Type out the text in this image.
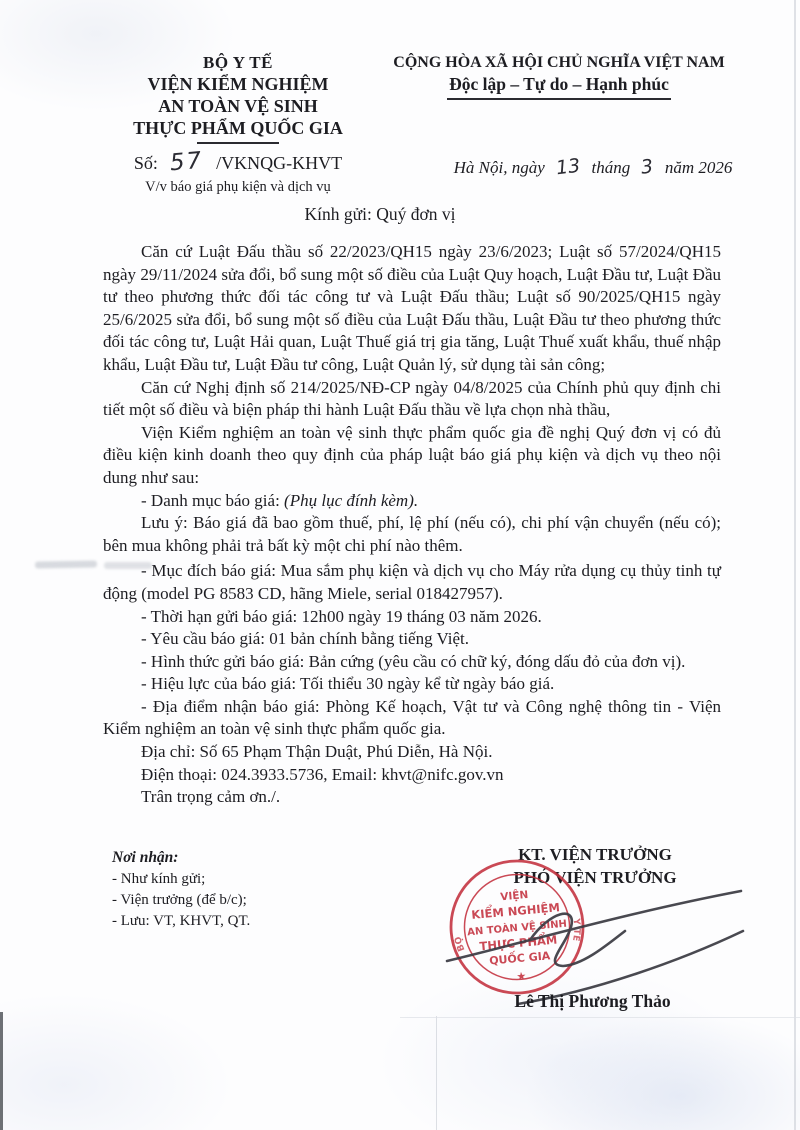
BỘ Y TẾ
VIỆN KIỂM NGHIỆM
AN TOÀN VỆ SINH
THỰC PHẨM QUỐC GIA
Số: 57 /VKNQG-KHVT
V/v báo giá phụ kiện và dịch vụ
CỘNG HÒA XÃ HỘI CHỦ NGHĨA VIỆT NAM
Độc lập – Tự do – Hạnh phúc
Hà Nội, ngày 13 tháng 3 năm 2026
Kính gửi: Quý đơn vị

Căn cứ Luật Đấu thầu số 22/2023/QH15 ngày 23/6/2023; Luật số 57/2024/QH15 ngày 29/11/2024 sửa đổi, bổ sung một số điều của Luật Quy hoạch, Luật Đầu tư, Luật Đầu tư theo phương thức đối tác công tư và Luật Đấu thầu; Luật số 90/2025/QH15 ngày 25/6/2025 sửa đổi, bổ sung một số điều của Luật Đấu thầu, Luật Đầu tư theo phương thức đối tác công tư, Luật Hải quan, Luật Thuế giá trị gia tăng, Luật Thuế xuất khẩu, thuế nhập khẩu, Luật Đầu tư, Luật Đầu tư công, Luật Quản lý, sử dụng tài sản công;

Căn cứ Nghị định số 214/2025/NĐ-CP ngày 04/8/2025 của Chính phủ quy định chi tiết một số điều và biện pháp thi hành Luật Đấu thầu về lựa chọn nhà thầu,

Viện Kiểm nghiệm an toàn vệ sinh thực phẩm quốc gia đề nghị Quý đơn vị có đủ điều kiện kinh doanh theo quy định của pháp luật báo giá phụ kiện và dịch vụ theo nội dung như sau:

- Danh mục báo giá: (Phụ lục đính kèm).

Lưu ý: Báo giá đã bao gồm thuế, phí, lệ phí (nếu có), chi phí vận chuyển (nếu có); bên mua không phải trả bất kỳ một chi phí nào thêm.

- Mục đích báo giá: Mua sắm phụ kiện và dịch vụ cho Máy rửa dụng cụ thủy tinh tự động (model PG 8583 CD, hãng Miele, serial 018427957).

- Thời hạn gửi báo giá: 12h00 ngày 19 tháng 03 năm 2026.

- Yêu cầu báo giá: 01 bản chính bằng tiếng Việt.

- Hình thức gửi báo giá: Bản cứng (yêu cầu có chữ ký, đóng dấu đỏ của đơn vị).

- Hiệu lực của báo giá: Tối thiểu 30 ngày kể từ ngày báo giá.

- Địa điểm nhận báo giá: Phòng Kế hoạch, Vật tư và Công nghệ thông tin - Viện Kiểm nghiệm an toàn vệ sinh thực phẩm quốc gia.

Địa chỉ: Số 65 Phạm Thận Duật, Phú Diễn, Hà Nội.

Điện thoại: 024.3933.5736, Email: khvt@nifc.gov.vn

Trân trọng cảm ơn./.

Nơi nhận:
- Như kính gửi;
- Viện trưởng (để b/c);
- Lưu: VT, KHVT, QT.
KT. VIỆN TRƯỞNG
PHÓ VIỆN TRƯỞNG
VIỆN
KIỂM NGHIỆM
AN TOÀN VỆ SINH
THỰC PHẨM
QUỐC GIA
★
BỘ
Y TẾ
Lê Thị Phương Thảo
